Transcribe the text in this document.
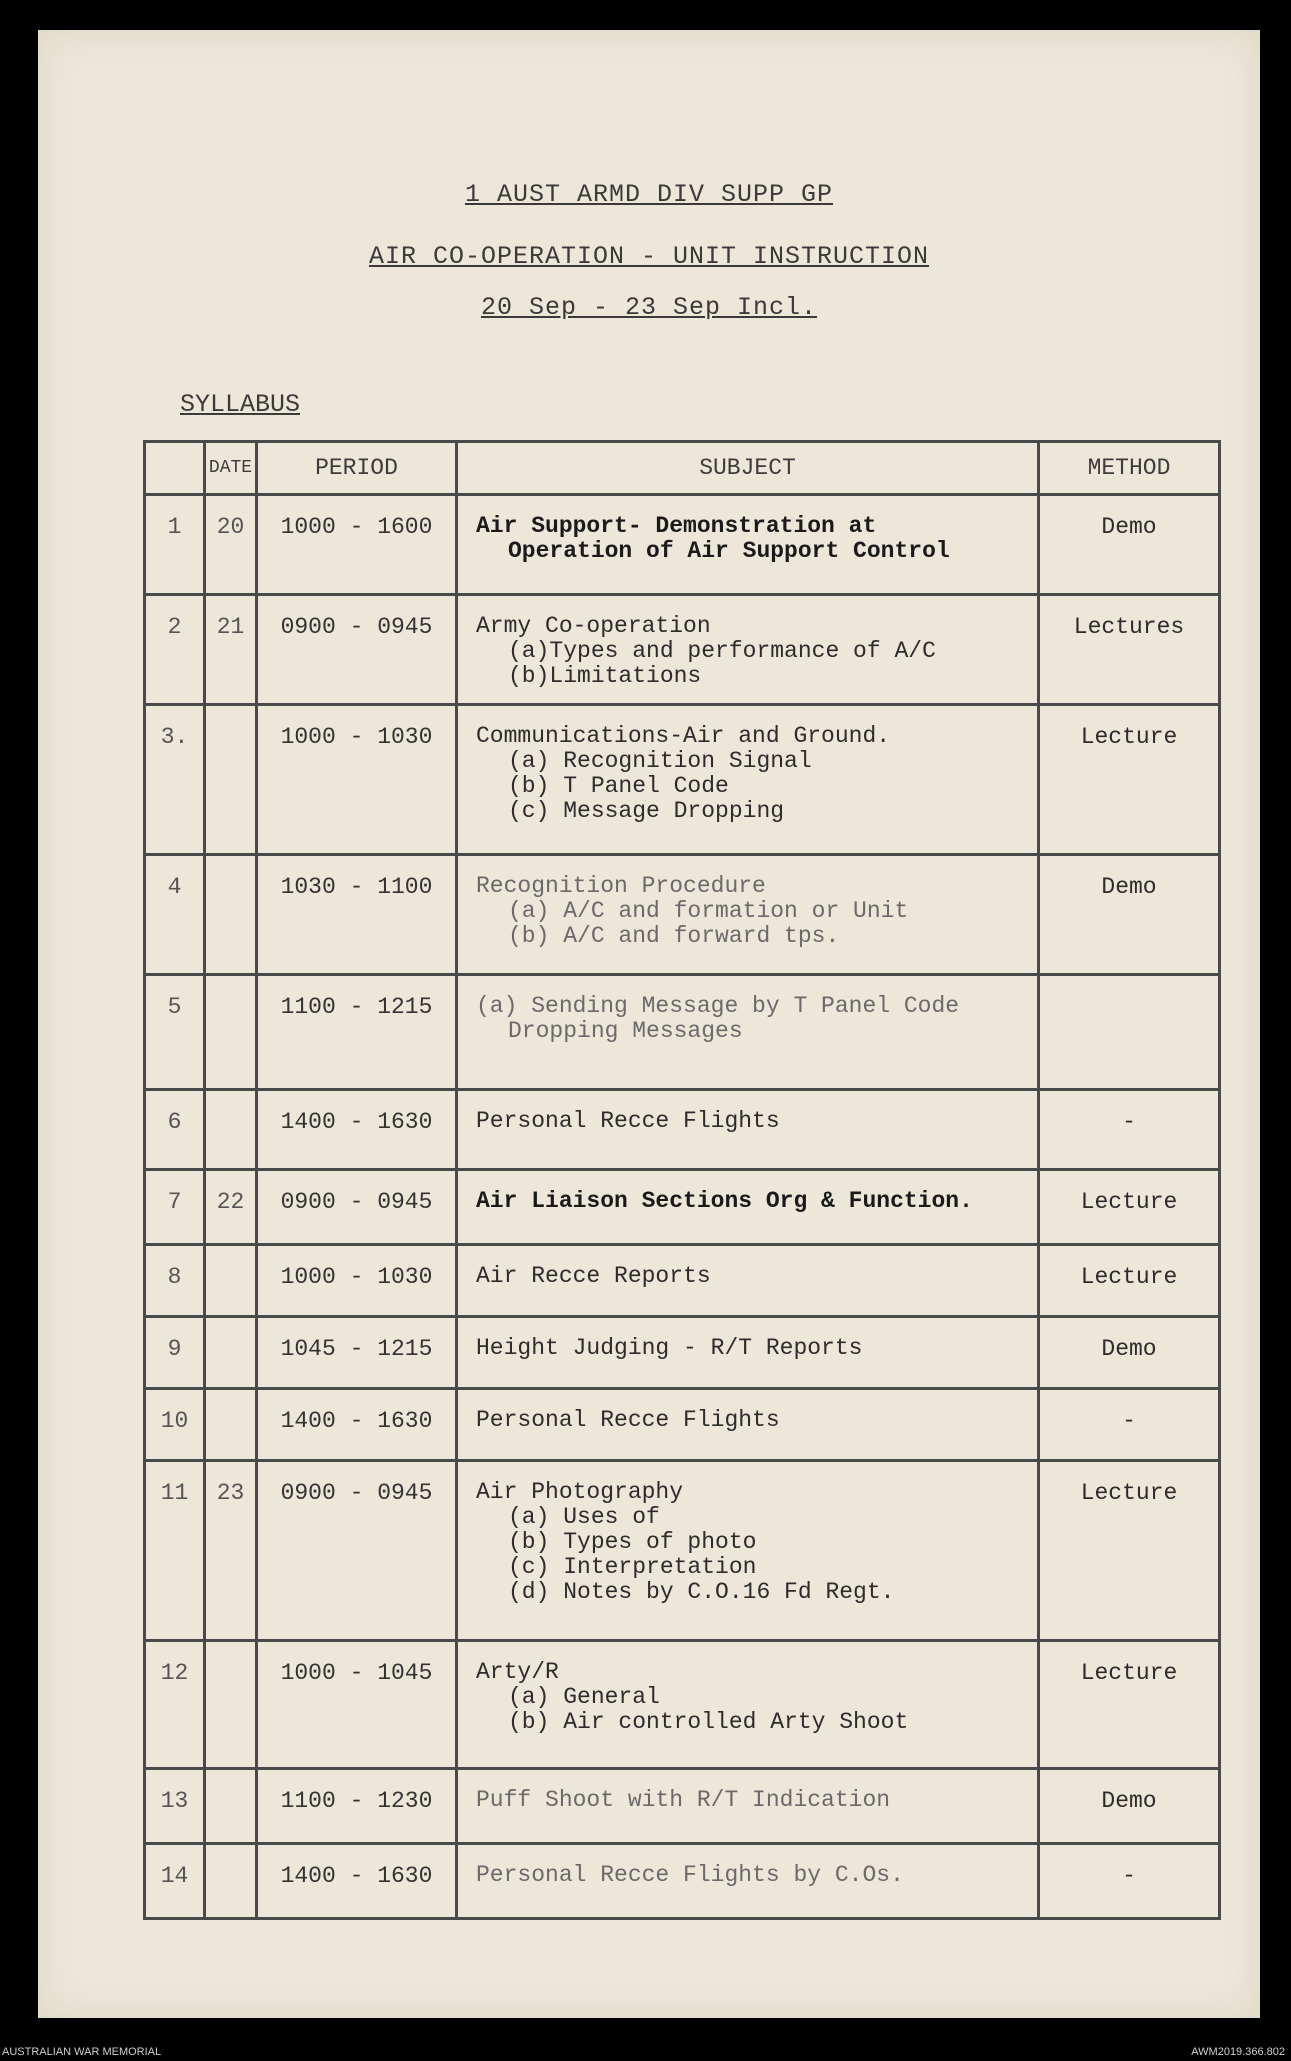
1 AUST ARMD DIV SUPP GP
AIR CO-OPERATION - UNIT INSTRUCTION
20 Sep - 23 Sep Incl.
SYLLABUS
	DATE	PERIOD	SUBJECT	METHOD
1	20	1000 - 1600	Air Support- Demonstration at
Operation of Air Support Control	Demo
2	21	0900 - 0945	Army Co-operation
(a)Types and performance of A/C
(b)Limitations	Lectures
3.		1000 - 1030	Communications-Air and Ground.
(a) Recognition Signal
(b) T Panel Code
(c) Message Dropping	Lecture
4		1030 - 1100	Recognition Procedure
(a) A/C and formation or Unit
(b) A/C and forward tps.	Demo
5		1100 - 1215	(a) Sending Message by T Panel Code
Dropping Messages	

6		1400 - 1630	Personal Recce Flights	-
7	22	0900 - 0945	Air Liaison Sections Org & Function.	Lecture
8		1000 - 1030	Air Recce Reports	Lecture
9		1045 - 1215	Height Judging - R/T Reports	Demo
10		1400 - 1630	Personal Recce Flights	-
11	23	0900 - 0945	Air Photography
(a) Uses of
(b) Types of photo
(c) Interpretation
(d) Notes by C.O.16 Fd Regt.	Lecture
12		1000 - 1045	Arty/R
(a) General
(b) Air controlled Arty Shoot	Lecture
13		1100 - 1230	Puff Shoot with R/T Indication	Demo
14		1400 - 1630	Personal Recce Flights by C.Os.	-
AUSTRALIAN WAR MEMORIAL	AWM2019.366.802
